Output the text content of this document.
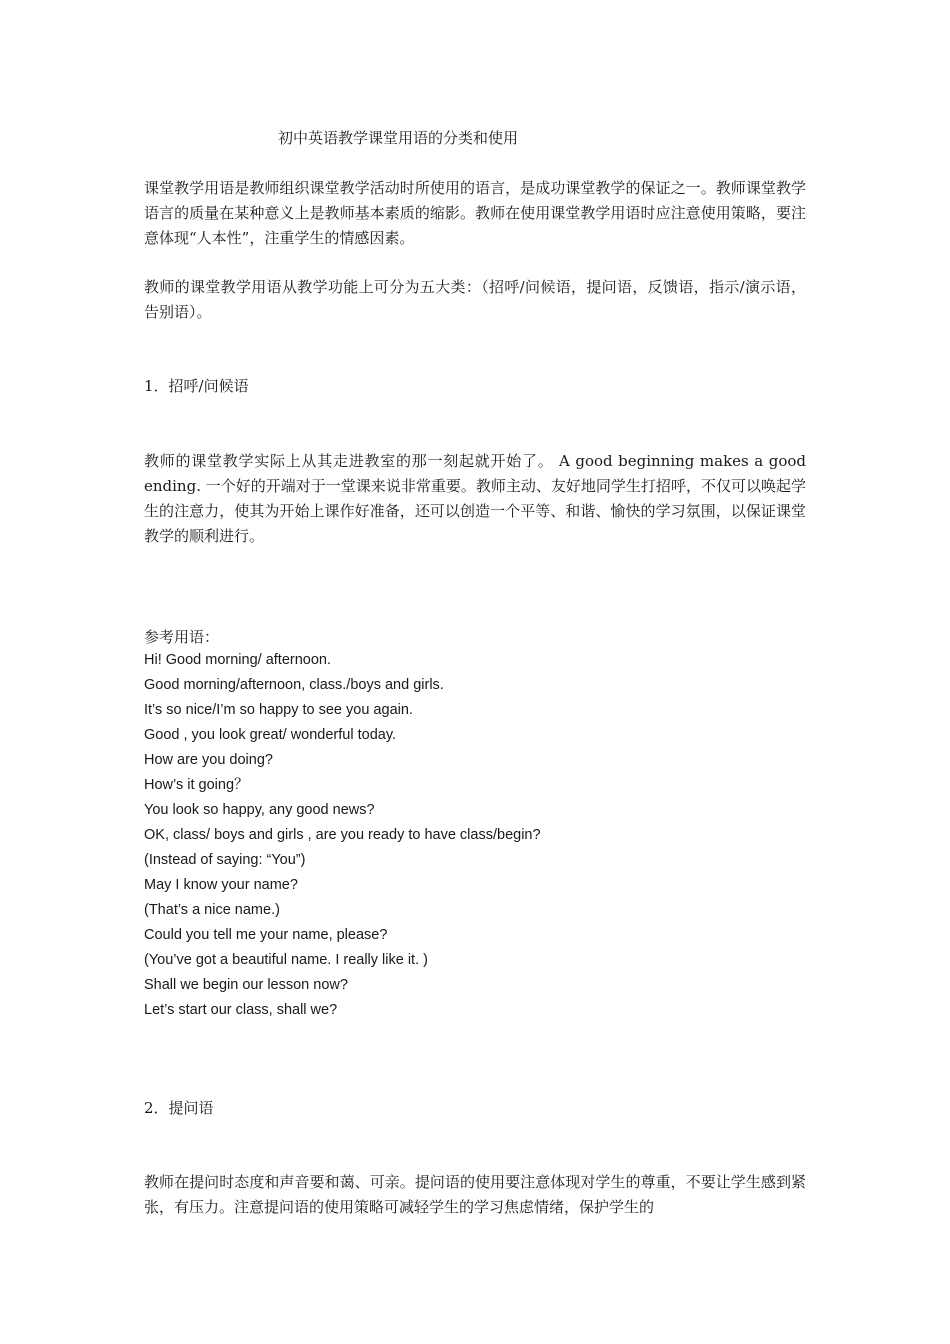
初中英语教学课堂用语的分类和使用
课堂教学用语是教师组织课堂教学活动时所使用的语言，是成功课堂教学的保证之一。教师课堂教学语言的质量在某种意义上是教师基本素质的缩影。教师在使用课堂教学用语时应注意使用策略，要注意体现“人本性”，注重学生的情感因素。
教师的课堂教学用语从教学功能上可分为五大类：（招呼/问候语，提问语，反馈语，指示/演示语，告别语）。
1．招呼/问候语
教师的课堂教学实际上从其走进教室的那一刻起就开始了。 A good beginning makes a good ending. 一个好的开端对于一堂课来说非常重要。教师主动、友好地同学生打招呼，不仅可以唤起学生的注意力，使其为开始上课作好准备，还可以创造一个平等、和谐、愉快的学习氛围，以保证课堂教学的顺利进行。
参考用语：
Hi! Good morning/ afternoon.
Good morning/afternoon, class./boys and girls.
It’s so nice/I’m so happy to see you again.
Good , you look great/ wonderful today.
How are you doing?
How’s it going？
You look so happy, any good news?
OK, class/ boys and girls , are you ready to have class/begin?
(Instead of saying: “You”)
May I know your name?
(That’s a nice name.)
Could you tell me your name, please?
(You’ve got a beautiful name. I really like it. )
Shall we begin our lesson now?
Let’s start our class, shall we?
2．提问语
教师在提问时态度和声音要和蔼、可亲。提问语的使用要注意体现对学生的尊重，不要让学生感到紧张，有压力。注意提问语的使用策略可减轻学生的学习焦虑情绪，保护学生的
